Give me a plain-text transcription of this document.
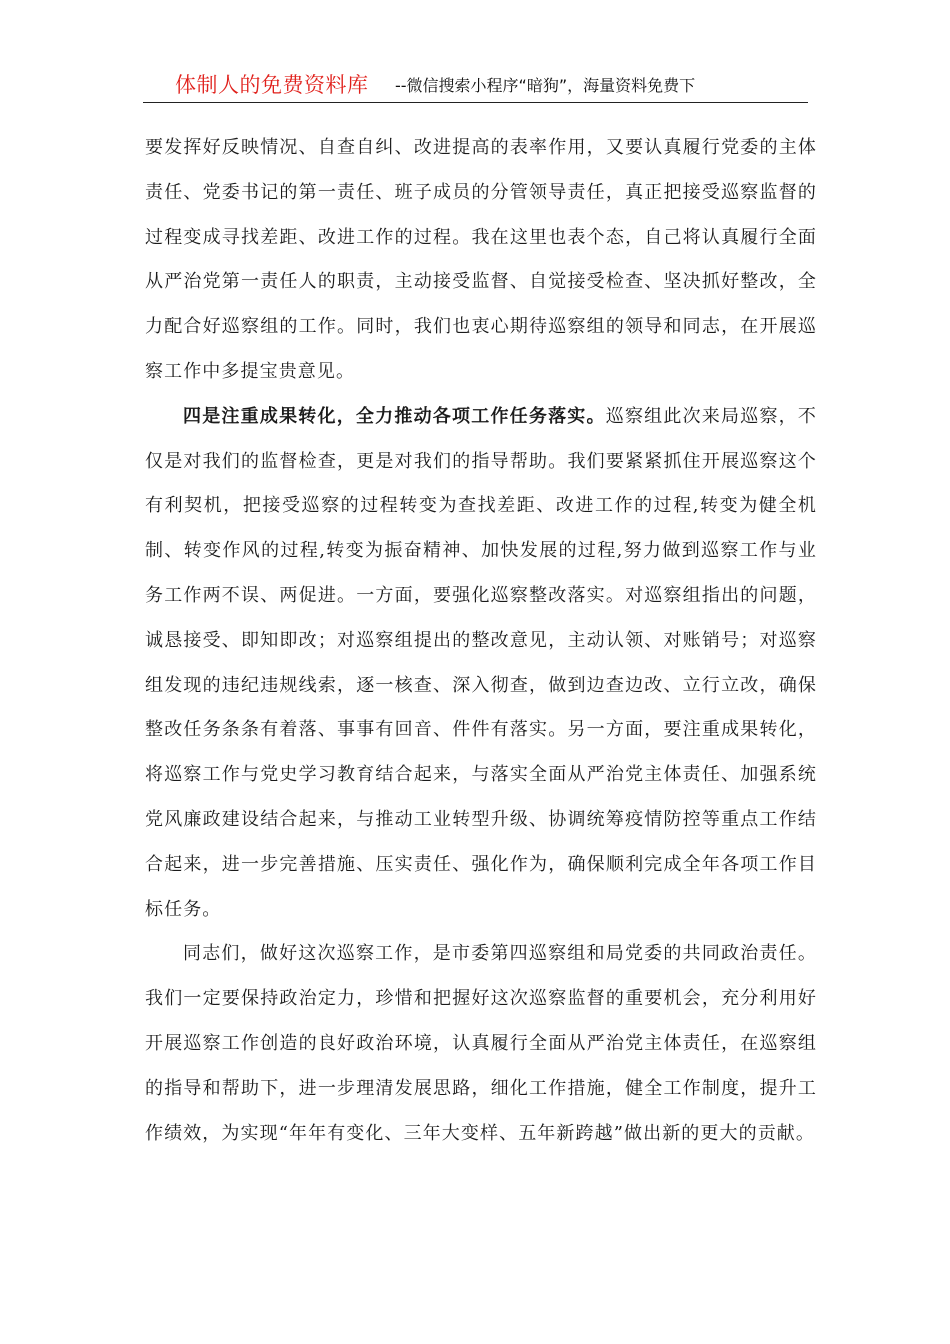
体制人的免费资料库 --微信搜索小程序“暗狗”，海量资料免费下

要发挥好反映情况、自查自纠、改进提高的表率作用，又要认真履行党委的主体责任、党委书记的第一责任、班子成员的分管领导责任，真正把接受巡察监督的过程变成寻找差距、改进工作的过程。我在这里也表个态，自己将认真履行全面从严治党第一责任人的职责，主动接受监督、自觉接受检查、坚决抓好整改，全力配合好巡察组的工作。同时，我们也衷心期待巡察组的领导和同志，在开展巡察工作中多提宝贵意见。

四是注重成果转化，全力推动各项工作任务落实。巡察组此次来局巡察，不仅是对我们的监督检查，更是对我们的指导帮助。我们要紧紧抓住开展巡察这个有利契机，把接受巡察的过程转变为查找差距、改进工作的过程,转变为健全机制、转变作风的过程,转变为振奋精神、加快发展的过程,努力做到巡察工作与业务工作两不误、两促进。一方面，要强化巡察整改落实。对巡察组指出的问题，诚恳接受、即知即改；对巡察组提出的整改意见，主动认领、对账销号；对巡察组发现的违纪违规线索，逐一核查、深入彻查，做到边查边改、立行立改，确保整改任务条条有着落、事事有回音、件件有落实。另一方面，要注重成果转化，将巡察工作与党史学习教育结合起来，与落实全面从严治党主体责任、加强系统党风廉政建设结合起来，与推动工业转型升级、协调统筹疫情防控等重点工作结合起来，进一步完善措施、压实责任、强化作为，确保顺利完成全年各项工作目标任务。

同志们，做好这次巡察工作，是市委第四巡察组和局党委的共同政治责任。我们一定要保持政治定力，珍惜和把握好这次巡察监督的重要机会，充分利用好开展巡察工作创造的良好政治环境，认真履行全面从严治党主体责任，在巡察组的指导和帮助下，进一步理清发展思路，细化工作措施，健全工作制度，提升工作绩效，为实现“年年有变化、三年大变样、五年新跨越”做出新的更大的贡献。
